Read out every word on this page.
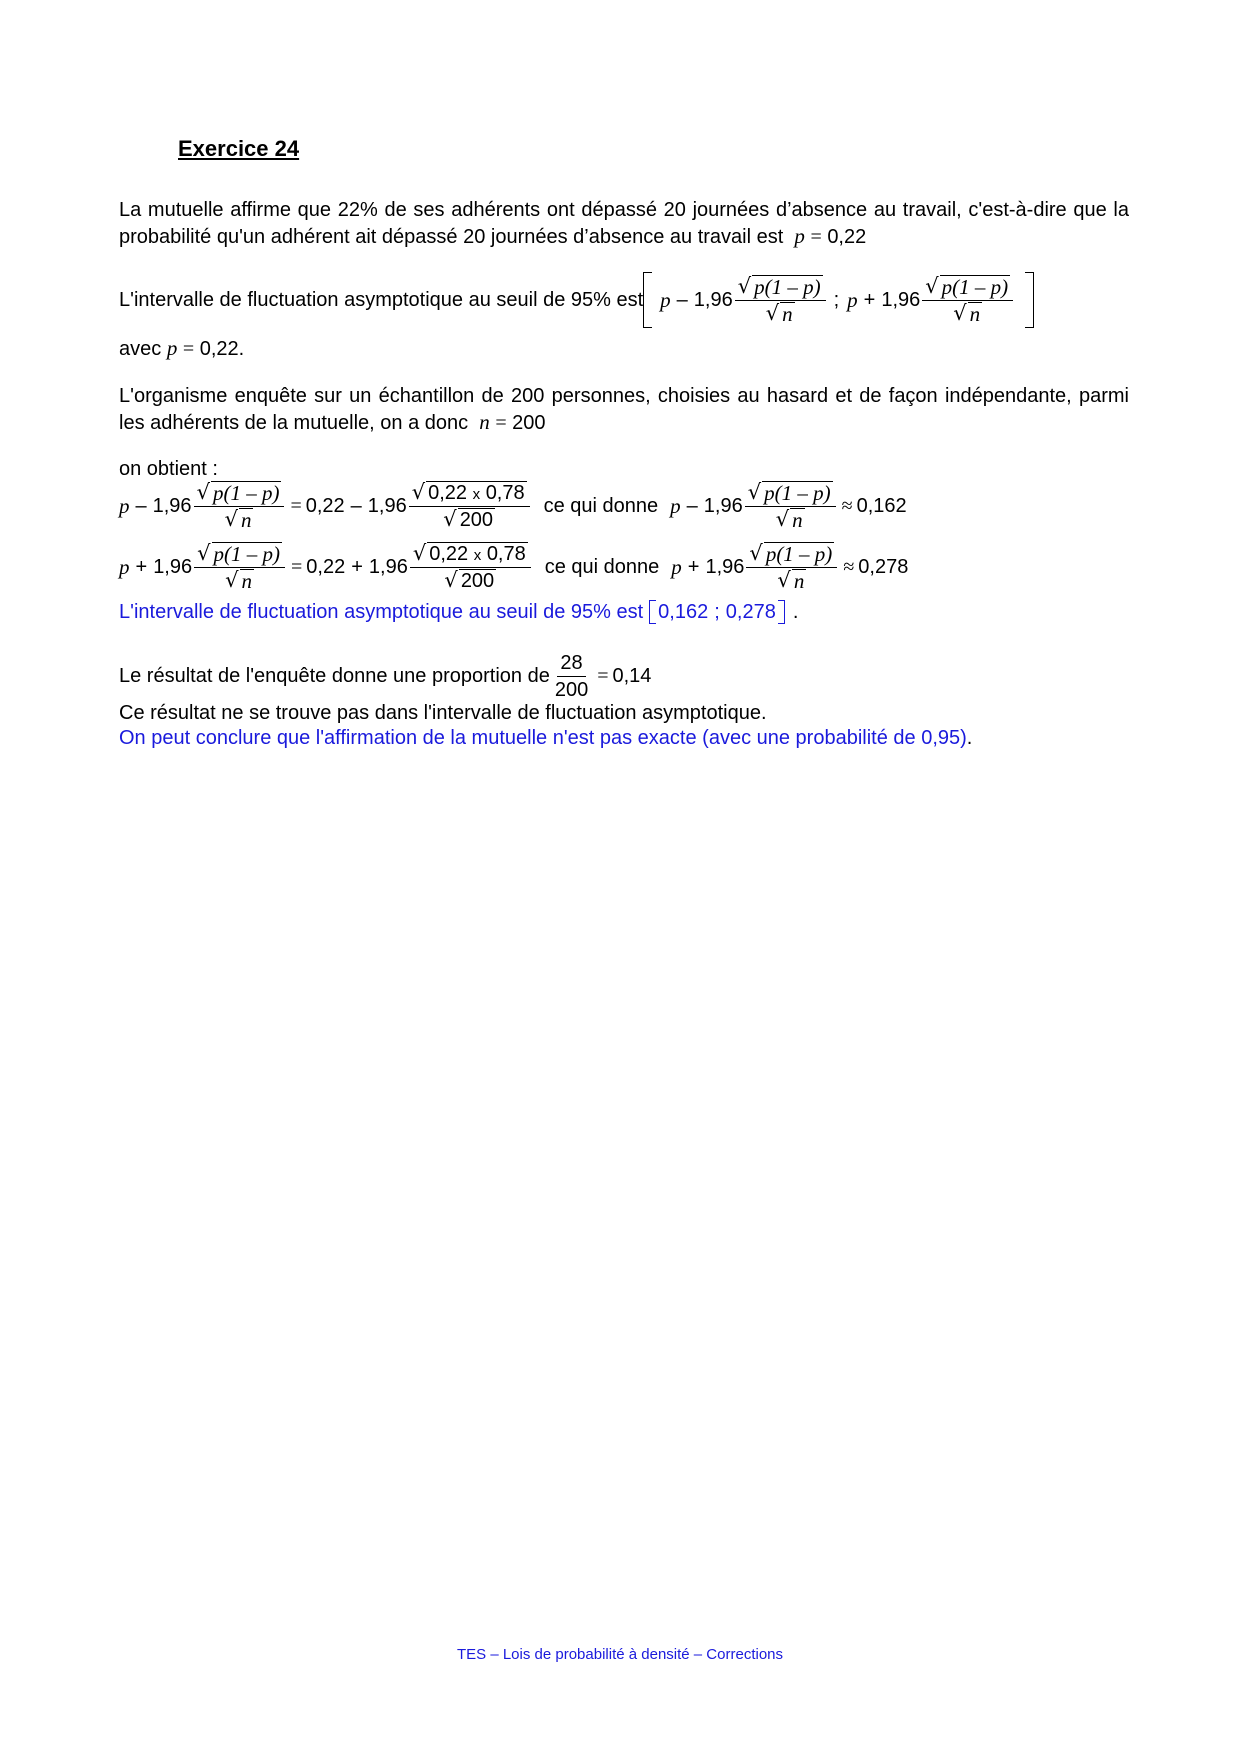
Exercice 24
La mutuelle affirme que 22% de ses adhérents ont dépassé 20 journées d’absence au travail, c'est-à-dire que la probabilité qu'un adhérent ait dépassé 20 journées d’absence au travail est p = 0,22
L'intervalle de fluctuation asymptotique au seuil de 95% est p – $1,96 \frac{√ p(1 - p)}{√ n}$ ; $p + 1,96 \frac{√ p(1 - p)}{√ n}$
avec p = 0,22.
L'organisme enquête sur un échantillon de 200 personnes, choisies au hasard et de façon indépendante, parmi les adhérents de la mutuelle, on a donc n = 200
on obtient :
$p - 1,96 \frac{√ p(1 - p)}{√ n} = 0,22 - 1,96 \frac{√ 0,22 x 0,78}{√ 200}$ ce qui donne $p - 1,96 \frac{√ p(1 - p)}{√ n} \approx 0,162$
$p + 1,96 \frac{√ p(1 - p)}{√ n} = 0,22 + 1,96 \frac{√ 0,22 x 0,78}{√ 200}$ ce qui donne $p + 1,96 \frac{√ p(1 - p)}{√ n} \approx 0,278$
L'intervalle de fluctuation asymptotique au seuil de 95% est 0,162 ; 0,278 .
Le résultat de l'enquête donne une proportion de $\frac{28}{200} = 0,14$
Ce résultat ne se trouve pas dans l'intervalle de fluctuation asymptotique.
On peut conclure que l'affirmation de la mutuelle n'est pas exacte (avec une probabilité de 0,95).
TES – Lois de probabilité à densité – Corrections
